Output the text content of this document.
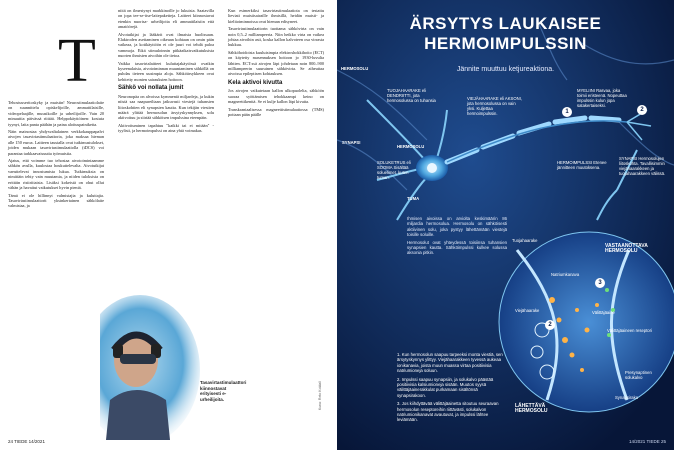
T

Tehostusseritoskyky ja muistin! Neurostimulaatiolaite on suunnittelu opiskelijoille, ammattilaisille, videopelaajille, muusikoille ja urheilijoille. Vain 20 minuuttia päivässä riittää. Helppokäyttöinen: kostuta tyynyt, laita panta päähän ja paina aloituspainiketta.

Näin mainostaa yhdysvaltalainen verkkokauppapalvi aivojen tasavirtastimulaattoria, joka maksaa hieman alle 150 euroa. Laitteen taustalla ovat tutkimustulokset, joiden mukaan tasavirtastimulaatiolla (tDCS) voi parantaa tarkkaavaisuutta työmuistia.

Ajatus, että voimme tuo tehostaa aivotoimintaamme sähkön avulla, kuulostaa houkuttelevalta. Aivotutkijat vaeuttelevat innostumista lukua. Tutkimuksia on nimittäin tehty vain muutamia, ja niiden tuloksista on erittäin ristiriitaisia. Lisäksi kokeistä on ohut ollut vähän ja havaitut vaikutukset hyvin pieniä.

Tämä ei ole hillinnyt valmistajia ja kuluttajia. Tasavirtastimulaattorit yksinkertainen sähkölaite valmistaa, ja

niitä on ilmestynyt markkinoille jo lukuisia. Saatavilla on jopa tee-se-itse-laitepaketteja. Laitteet kiinnostavat etenkin nuorisa- urheilijoita eli ammattilaisiin että amatöörejä.

Alvotutkijat ja lääkärit ovat ilmaisia huolissaan. Elaktroden asettaminen oikeaan kohtaan on omin päin vaikeaa, ja kotikäyttöön ei ole juuri voi tehdä paloa vammoja. Eikä stimuloinnin pitkäaikaisvaikutuksista nuorten ihmisten aivoihin ole tietoa.

Vaikka tasavirtalaitteet kuluttajakäytössä ovatkin kyseenalaisia, aivotoiminnan muuntaminen sähköllä on puhdas tieteen uusimpia aloja. Sähköärsykkeen ovat kehitetty monien sairauksien hoitoon.

Sähkö voi nollata jumit

Neuronopäa on alvoissa kymmeniä miljardeja, ja kukin niistä saa naapureiltaan jatkuvasti viestejä tuhansien liitoskohtien eli synapsien kautta. Kun tekijän viestien määrä ylittää hermosolun ärsytyskynnyksen, solu aktivoituu ja siirtää sähköisen impulssina eteenpäin.

Aktivoituminen tapahtuu "kaikki tai ei mitään" -tyylisti, ja hermoimpulssi on aina yhtä voimakas.

Kun esimerkiksi tasavirtastimulaatiota on testattu lieviati muistisairaille ihmisillä, heidän muisti- ja kielitoiminnoissa ovat hieman edisyneet.

Tasavirtastimulaattorin tuottama sähkövirta on vain noin 0,5–2 milliampeeria. Niin heikko virta on vaikea johtaa aivoihin asti, koska kallon kalvoteen osa virrasta hukkuu.

Sähköhoidoista kuuluisimpia elektroshokkihoito (ECT) on käytetty masennuksen hoitoon jo 1930-luvulta lähtien. ECT:ssä aivojen läpi johdetaan noin 800–900 milliampeerin suuruinen sähkövirta. Se aiheuttaa aivoissa epileptisen kohtauksen.

Kela aktivoi kivutta

Jos aivojen vaikutetaan kallon ulkopuolelta, sähköön suoraa syöttämisen tehokkaampi keino on magneettikenttä. Se ei kulje kallon läpi kivutta.

Transkraniaalisessa magneettistimulaatiossa (TMS) pottaan pään päälle

Tasavirtastimulaattori kiinnostavat erityisesti e-urheilijoita.	Kuva: Reto Koldall
24 TIEDE 14/2021
ÄRSYTYS LAUKAISEE
HERMOIMPULSSIN
Jännite muuttuu ketjureaktiona.
HERMOSOLU
TUOJAHAARAKE eli DENDRIITTI, jota hermosolussa on tuhansia
MYELIINI Rasvaa, joka toimii eristeenä. Nopeuttaa impulssin kulun jopa satakertaiseksi.
VIEJÄHAARAKE eli AKSONI, jota hermosolussa on vain yksi. Kuljettaa hermoimpulssin.
SYNAPSI
HERMOSOLU
SOLUKETRUS eli SOOMA Sisältää soluelimet, kuten tuman.
TUMA
SYNAPSI Hermosolujen liitoskohta. Tavallisimmin viejähaarakkeen ja tuojahaarakkeen välissä.
HERMOIMPULSSI Etenee jännitteen muutoksena.
Tuojahaarake
VASTAANOTTAVA HERMOSOLU
Natriumkanava
Viejähaarake	Välittäjäaine
Välittäjäaineen reseptori
Presynaptinen solukalvo
Synapsirako
LÄHETTÄVÄ HERMOSOLU
1	2
2
3

Ihmisen aivoissa on arviolta keskimäärin 86 miljardia hermosolua. Hermosolu on sähköisesti aktiivinen solu, joka pystyy lähettämään viestejä toisille soluille.

Hermosolut ovat yhteydessä toisiinsa tuhansien synapsien kautta. Sähköimpulssi kulkee solussa aksonia pitkin.

1. Kun hermosolun saapuu tarpeeksi monta viestiä, sen ärsytyskynnys ylittyy. Viejähaarakkeen tyvessä aukeaa ionikanavia, joista muun muassa virtaa positiivisia natriumioneja soluun.

2. Impulssi saapuu synapsiin, ja solukalvo päästää positiivisia kalsiumioneja sisään. Muutos syysä välittäjäainerakkulat purkamaan sisältönsä synapsirakoon.

3. Jos kiihdyttävää välittäjäainetta sitoutuu seuraavan hermosolun reseptoreihin riittävästi, solukalvon natriumionikanavat avautuvat, ja impulssi lähtee leviämään.

14/2021 TIEDE 25
